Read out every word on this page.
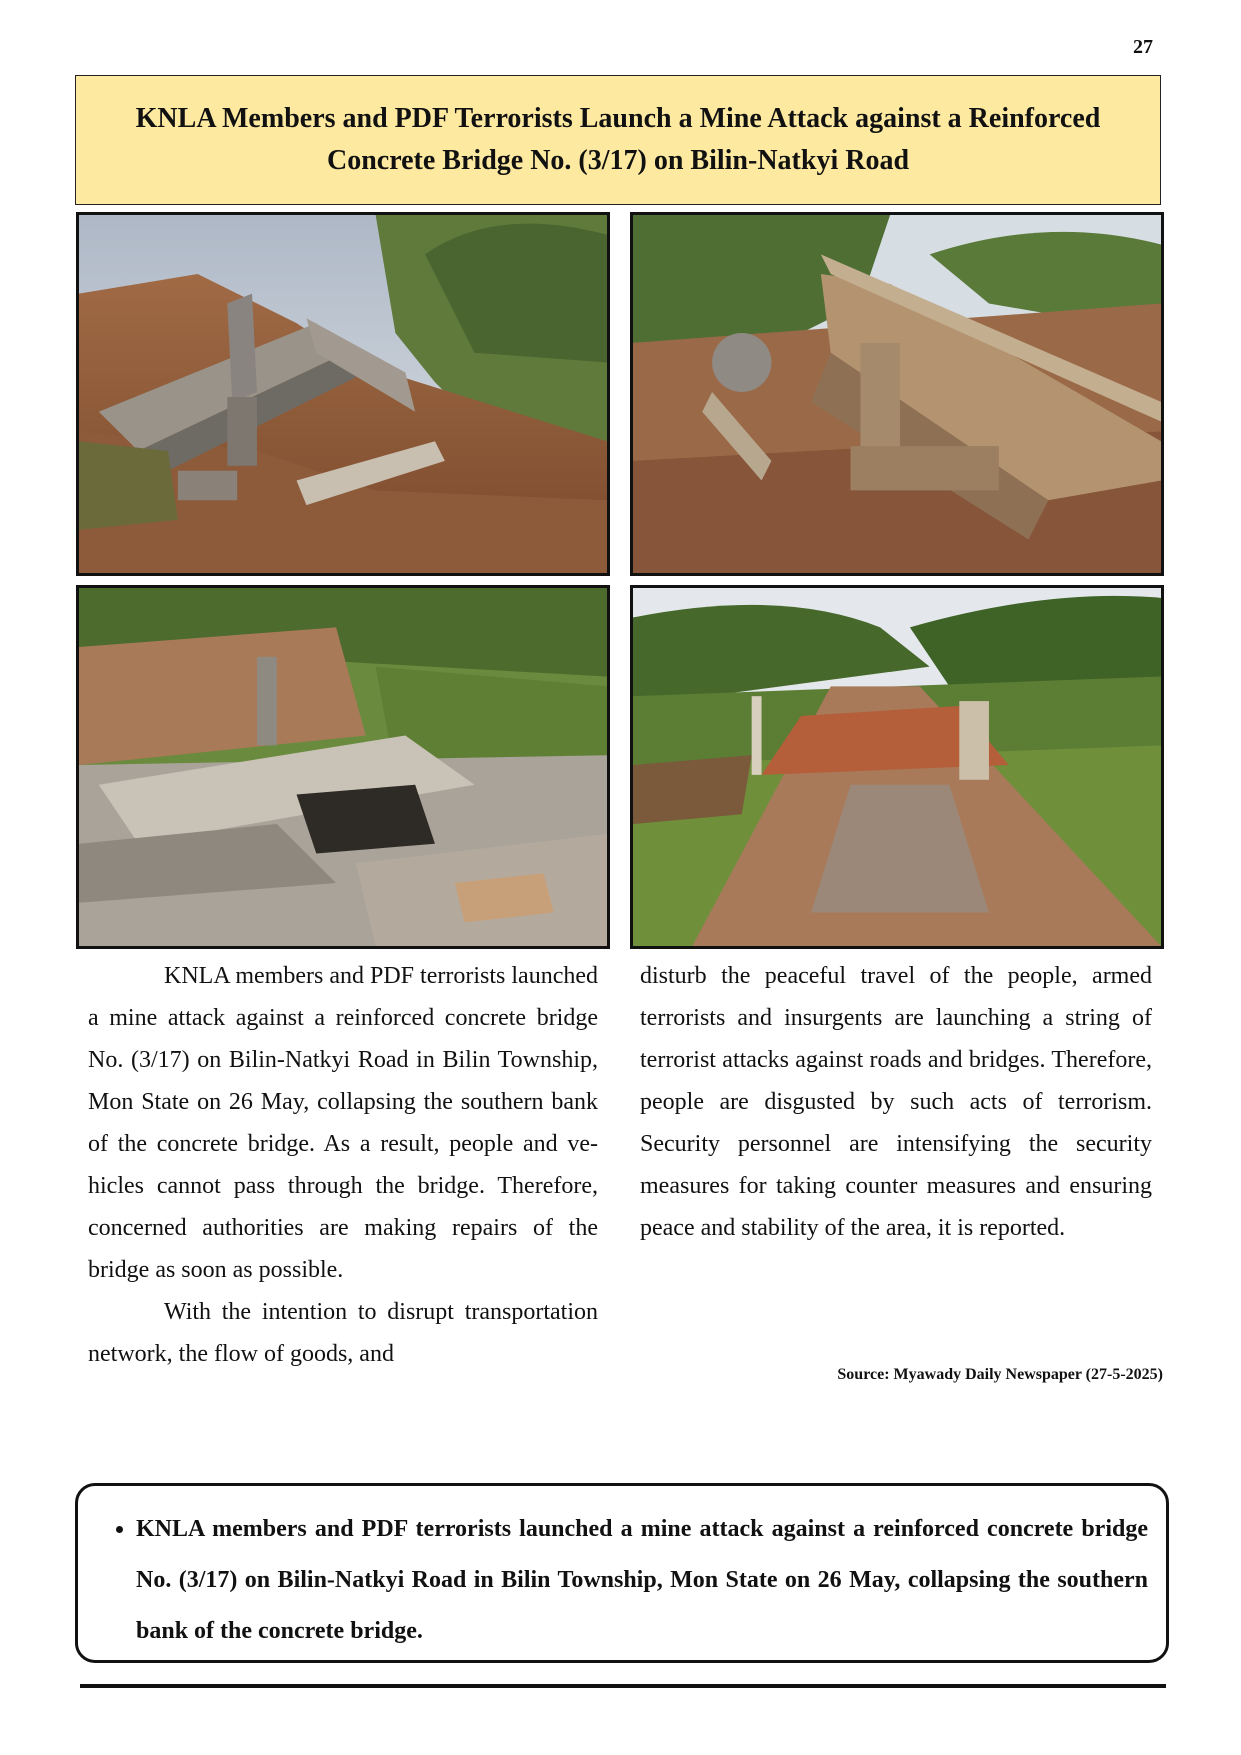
27
KNLA Members and PDF Terrorists Launch a Mine Attack against a Reinforced Concrete Bridge No. (3/17) on Bilin-Natkyi Road

KNLA members and PDF terrorists launched a mine attack against a reinforced concrete bridge No. (3/17) on Bilin-Natkyi Road in Bilin Township, Mon State on 26 May, collapsing the southern bank of the concrete bridge. As a result, people and vehicles cannot pass through the bridge. Therefore, concerned authorities are making repairs of the bridge as soon as possible.

With the intention to disrupt transportation network, the flow of goods, and

disturb the peaceful travel of the people, armed terrorists and insurgents are launching a string of terrorist attacks against roads and bridges. Therefore, people are disgusted by such acts of terrorism. Security personnel are intensifying the security measures for taking counter measures and ensuring peace and stability of the area, it is reported.

Source: Myawady Daily Newspaper (27-5-2025)
• KNLA members and PDF terrorists launched a mine attack against a reinforced concrete bridge No. (3/17) on Bilin-Natkyi Road in Bilin Township, Mon State on 26 May, collapsing the southern bank of the concrete bridge.
